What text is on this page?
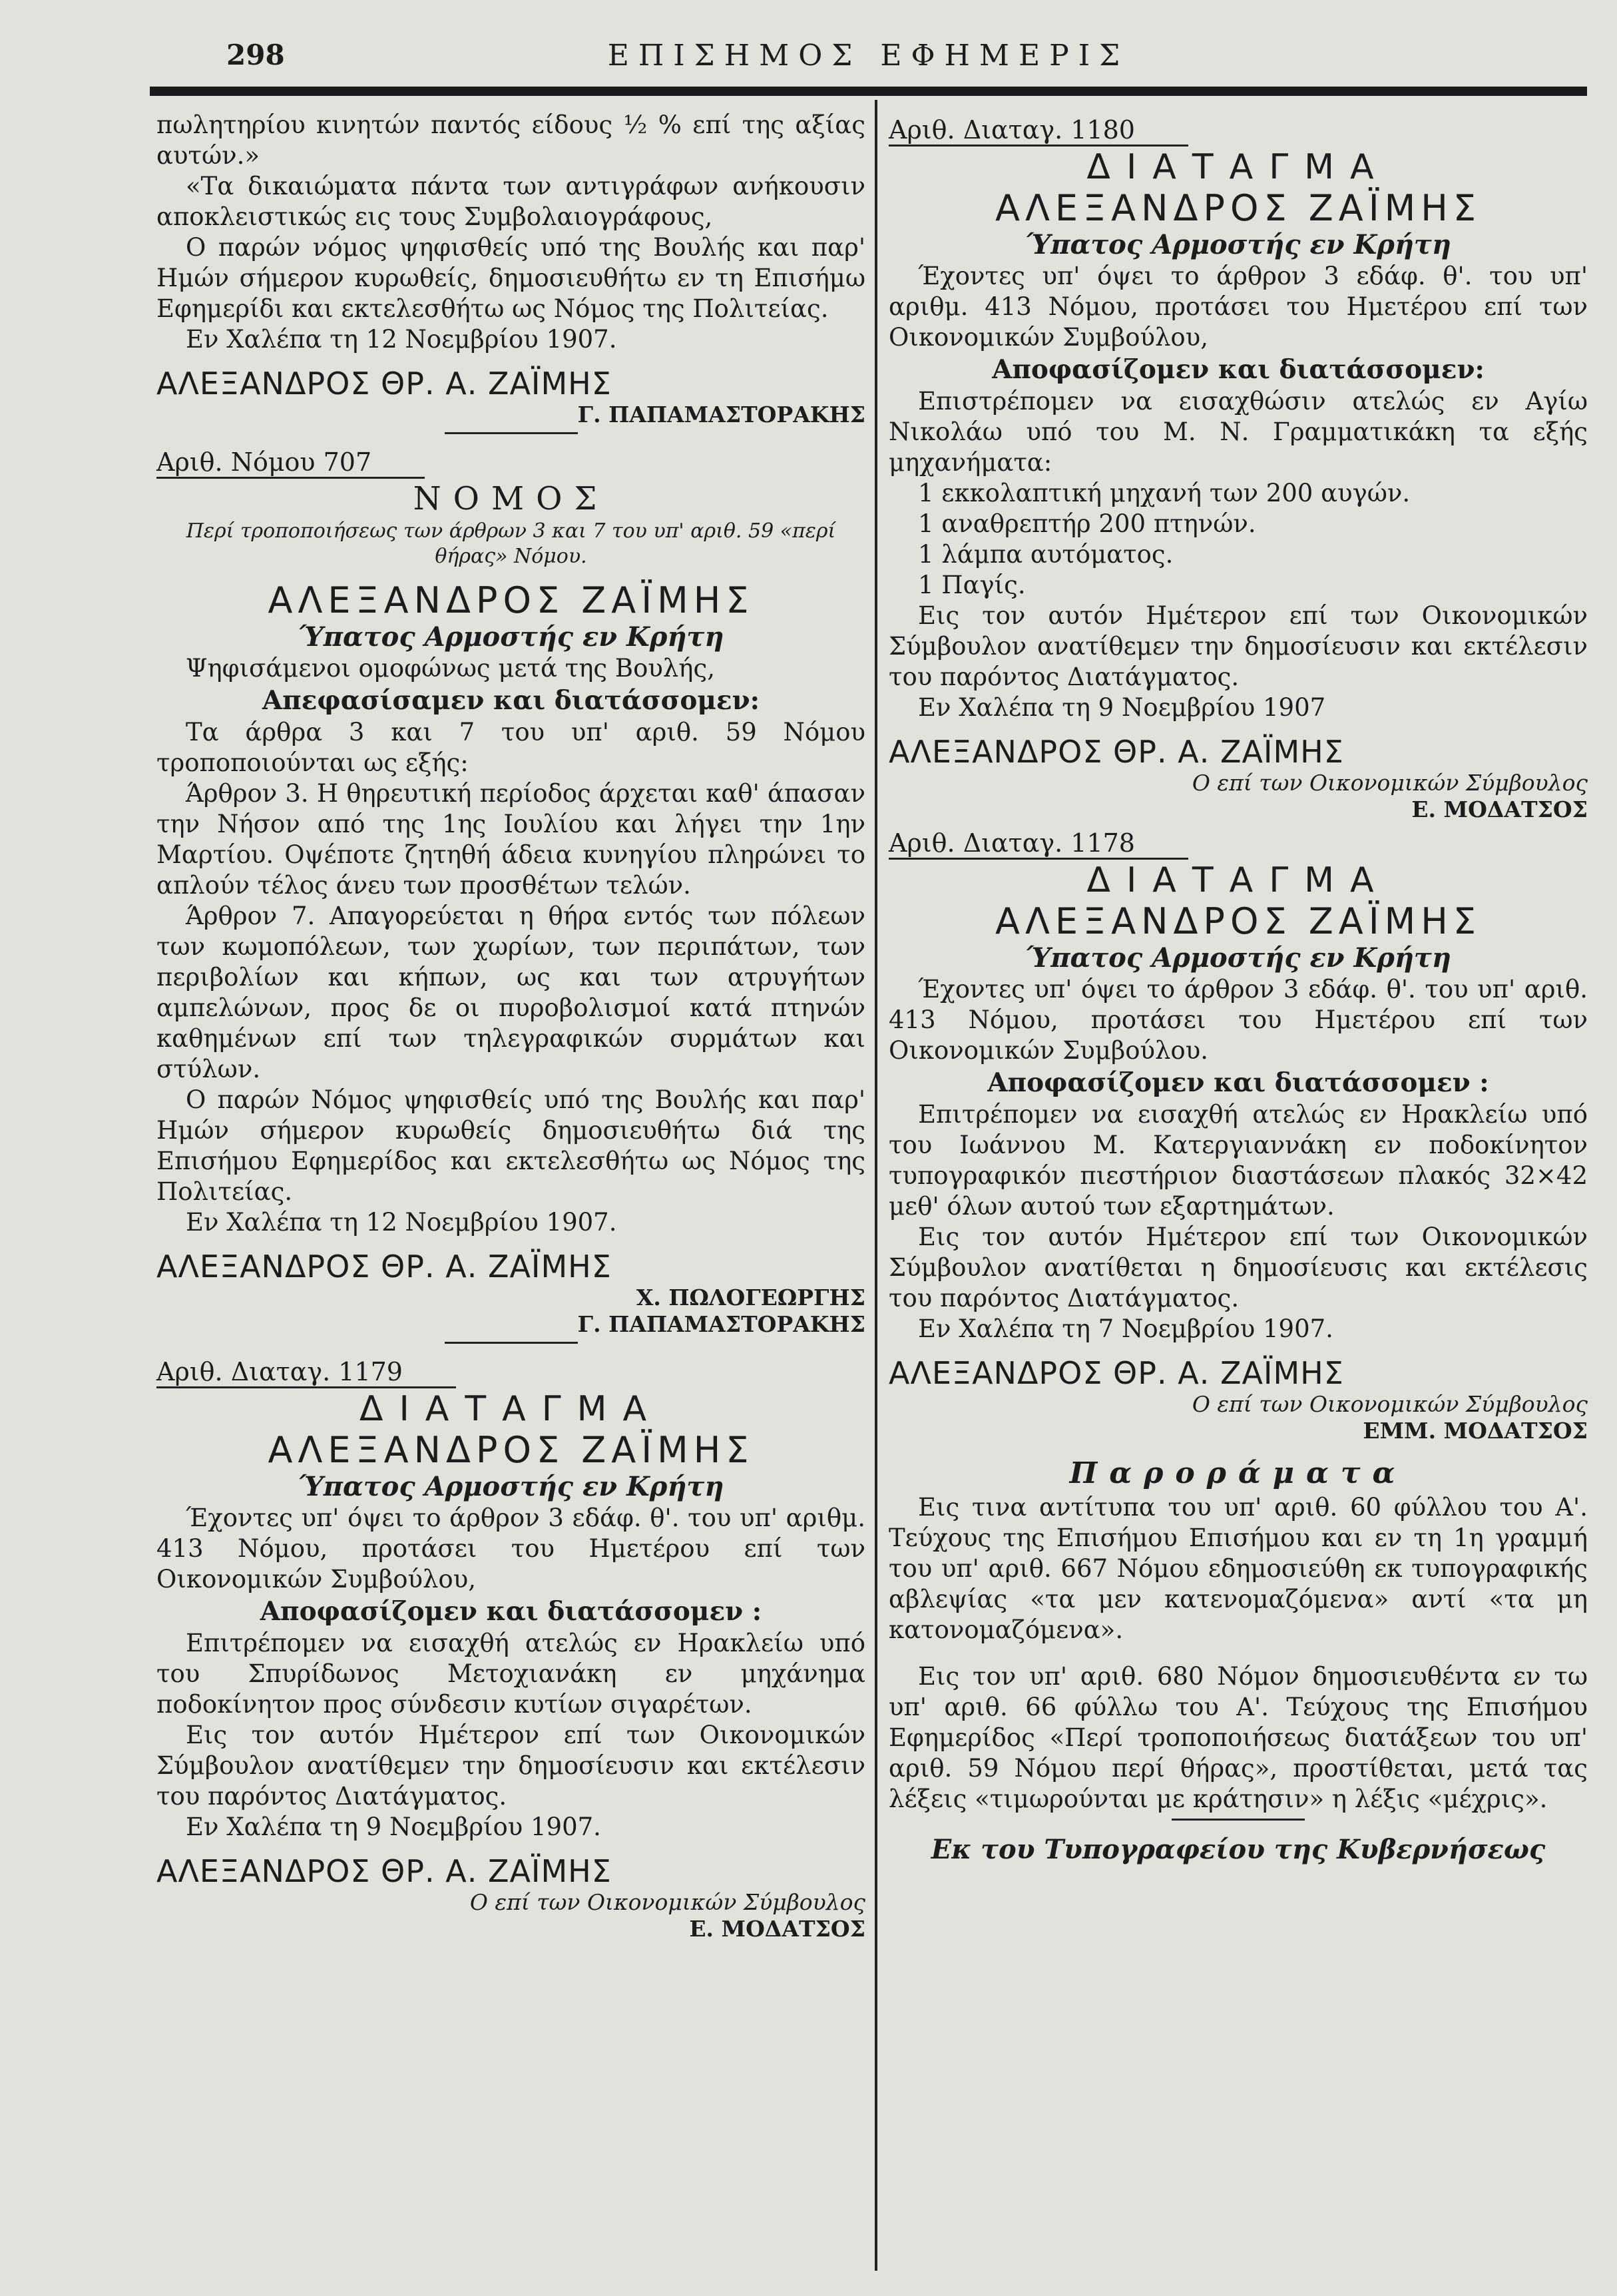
298	ΕΠΙΣΗΜΟΣ ΕΦΗΜΕΡΙΣ

πωλητηρίου κινητών παντός είδους ½ % επί της αξίας αυτών.»

«Τα δικαιώματα πάντα των αντιγράφων ανήκουσιν αποκλειστικώς εις τους Συμβολαιογράφους,

Ο παρών νόμος ψηφισθείς υπό της Βουλής και παρ' Ημών σήμερον κυρωθείς, δημοσιευθήτω εν τη Επισήμω Εφημερίδι και εκτελεσθήτω ως Νόμος της Πολιτείας.

Εν Χαλέπα τη 12 Νοεμβρίου 1907.

ΑΛΕΞΑΝΔΡΟΣ ΘΡ. Α. ΖΑΪΜΗΣ
Γ. ΠΑΠΑΜΑΣΤΟΡΑΚΗΣ
Αριθ. Νόμου 707
ΝΟΜΟΣ
Περί τροποποιήσεως των άρθρων 3 και 7 του υπ' αριθ. 59 «περί θήρας» Νόμου.
ΑΛΕΞΑΝΔΡΟΣ ΖΑΪΜΗΣ
Ύπατος Αρμοστής εν Κρήτη

Ψηφισάμενοι ομοφώνως μετά της Βουλής,

Απεφασίσαμεν και διατάσσομεν:

Τα άρθρα 3 και 7 του υπ' αριθ. 59 Νόμου τροποποιούνται ως εξής:

Άρθρον 3. Η θηρευτική περίοδος άρχεται καθ' άπασαν την Νήσον από της 1ης Ιουλίου και λήγει την 1ην Μαρτίου. Οψέποτε ζητηθή άδεια κυνηγίου πληρώνει το απλούν τέλος άνευ των προσθέτων τελών.

Άρθρον 7. Απαγορεύεται η θήρα εντός των πόλεων των κωμοπόλεων, των χωρίων, των περιπάτων, των περιβολίων και κήπων, ως και των ατρυγήτων αμπελώνων, προς δε οι πυροβολισμοί κατά πτηνών καθημένων επί των τηλεγραφικών συρμάτων και στύλων.

Ο παρών Νόμος ψηφισθείς υπό της Βουλής και παρ' Ημών σήμερον κυρωθείς δημοσιευθήτω διά της Επισήμου Εφημερίδος και εκτελεσθήτω ως Νόμος της Πολιτείας.

Εν Χαλέπα τη 12 Νοεμβρίου 1907.

ΑΛΕΞΑΝΔΡΟΣ ΘΡ. Α. ΖΑΪΜΗΣ
Χ. ΠΩΛΟΓΕΩΡΓΗΣ
Γ. ΠΑΠΑΜΑΣΤΟΡΑΚΗΣ
Αριθ. Διαταγ. 1179
ΔΙΑΤΑΓΜΑ
ΑΛΕΞΑΝΔΡΟΣ ΖΑΪΜΗΣ
Ύπατος Αρμοστής εν Κρήτη

Έχοντες υπ' όψει το άρθρον 3 εδάφ. θ'. του υπ' αριθμ. 413 Νόμου, προτάσει του Ημετέρου επί των Οικονομικών Συμβούλου,

Αποφασίζομεν και διατάσσομεν :

Επιτρέπομεν να εισαχθή ατελώς εν Ηρακλείω υπό του Σπυρίδωνος Μετοχιανάκη εν μηχάνημα ποδοκίνητον προς σύνδεσιν κυτίων σιγαρέτων.

Εις τον αυτόν Ημέτερον επί των Οικονομικών Σύμβουλον ανατίθεμεν την δημοσίευσιν και εκτέλεσιν του παρόντος Διατάγματος.

Εν Χαλέπα τη 9 Νοεμβρίου 1907.

ΑΛΕΞΑΝΔΡΟΣ ΘΡ. Α. ΖΑΪΜΗΣ
Ο επί των Οικονομικών Σύμβουλος
Ε. ΜΟΔΑΤΣΟΣ
Αριθ. Διαταγ. 1180
ΔΙΑΤΑΓΜΑ
ΑΛΕΞΑΝΔΡΟΣ ΖΑΪΜΗΣ
Ύπατος Αρμοστής εν Κρήτη

Έχοντες υπ' όψει το άρθρον 3 εδάφ. θ'. του υπ' αριθμ. 413 Νόμου, προτάσει του Ημετέρου επί των Οικονομικών Συμβούλου,

Αποφασίζομεν και διατάσσομεν:

Επιστρέπομεν να εισαχθώσιν ατελώς εν Αγίω Νικολάω υπό του Μ. Ν. Γραμματικάκη τα εξής μηχανήματα:

1 εκκολαπτική μηχανή των 200 αυγών.

1 αναθρεπτήρ 200 πτηνών.

1 λάμπα αυτόματος.

1 Παγίς.

Εις τον αυτόν Ημέτερον επί των Οικονομικών Σύμβουλον ανατίθεμεν την δημοσίευσιν και εκτέλεσιν του παρόντος Διατάγματος.

Εν Χαλέπα τη 9 Νοεμβρίου 1907

ΑΛΕΞΑΝΔΡΟΣ ΘΡ. Α. ΖΑΪΜΗΣ
Ο επί των Οικονομικών Σύμβουλος
Ε. ΜΟΔΑΤΣΟΣ
Αριθ. Διαταγ. 1178
ΔΙΑΤΑΓΜΑ
ΑΛΕΞΑΝΔΡΟΣ ΖΑΪΜΗΣ
Ύπατος Αρμοστής εν Κρήτη

Έχοντες υπ' όψει το άρθρον 3 εδάφ. θ'. του υπ' αριθ. 413 Νόμου, προτάσει του Ημετέρου επί των Οικονομικών Συμβούλου.

Αποφασίζομεν και διατάσσομεν :

Επιτρέπομεν να εισαχθή ατελώς εν Ηρακλείω υπό του Ιωάννου Μ. Κατεργιαννάκη εν ποδοκίνητον τυπογραφικόν πιεστήριον διαστάσεων πλακός 32×42 μεθ' όλων αυτού των εξαρτημάτων.

Εις τον αυτόν Ημέτερον επί των Οικονομικών Σύμβουλον ανατίθεται η δημοσίευσις και εκτέλεσις του παρόντος Διατάγματος.

Εν Χαλέπα τη 7 Νοεμβρίου 1907.

ΑΛΕΞΑΝΔΡΟΣ ΘΡ. Α. ΖΑΪΜΗΣ
Ο επί των Οικονομικών Σύμβουλος
ΕΜΜ. ΜΟΔΑΤΣΟΣ
Παροράματα

Εις τινα αντίτυπα του υπ' αριθ. 60 φύλλου του Α'. Τεύχους της Επισήμου Επισήμου και εν τη 1η γραμμή του υπ' αριθ. 667 Νόμου εδημοσιεύθη εκ τυπογραφικής αβλεψίας «τα μεν κατενομαζόμενα» αντί «τα μη κατονομαζόμενα».

Εις τον υπ' αριθ. 680 Νόμον δημοσιευθέντα εν τω υπ' αριθ. 66 φύλλω του Α'. Τεύχους της Επισήμου Εφημερίδος «Περί τροποποιήσεως διατάξεων του υπ' αριθ. 59 Νόμου περί θήρας», προστίθεται, μετά τας λέξεις «τιμωρούνται με κράτησιν» η λέξις «μέχρις».

Εκ του Τυπογραφείου της Κυβερνήσεως
